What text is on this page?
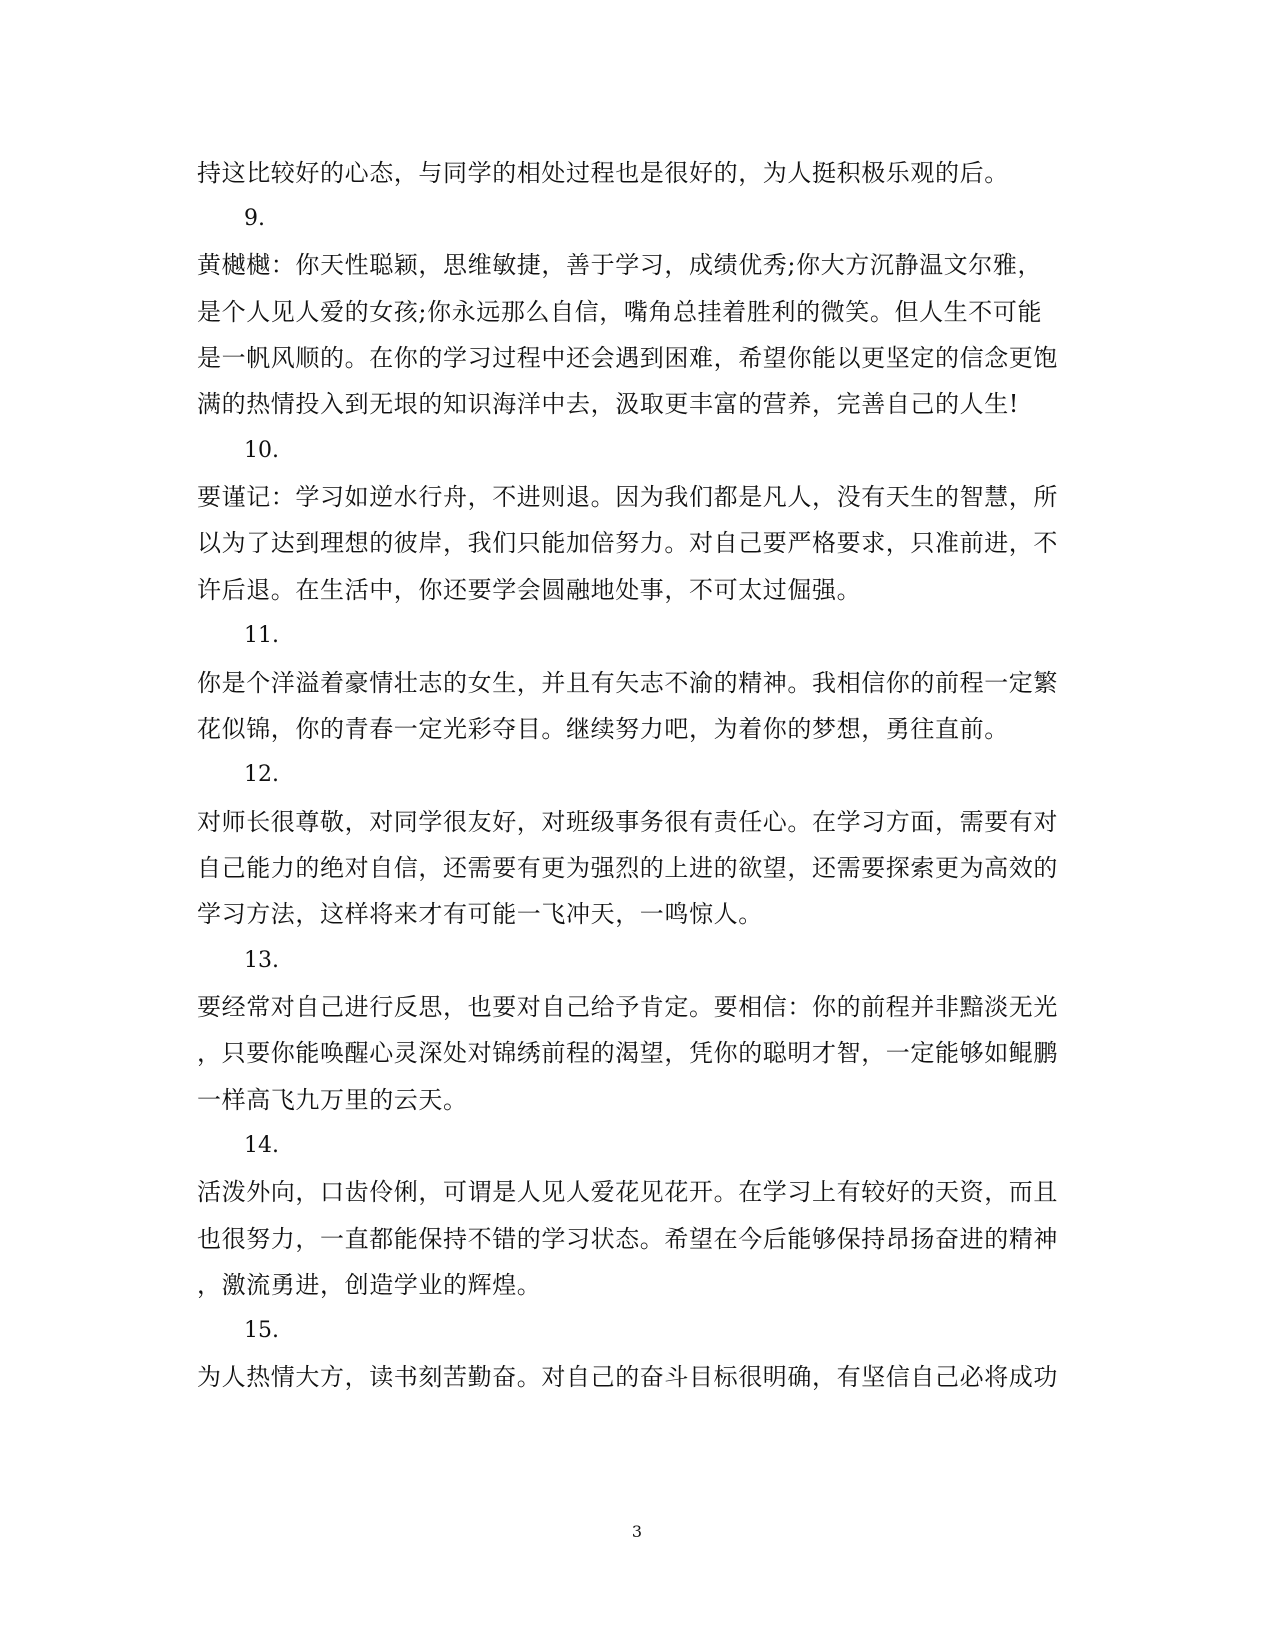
持这比较好的心态，与同学的相处过程也是很好的，为人挺积极乐观的后。
9.
黄樾樾：你天性聪颖，思维敏捷，善于学习，成绩优秀;你大方沉静温文尔雅，
是个人见人爱的女孩;你永远那么自信，嘴角总挂着胜利的微笑。但人生不可能
是一帆风顺的。在你的学习过程中还会遇到困难，希望你能以更坚定的信念更饱
满的热情投入到无垠的知识海洋中去，汲取更丰富的营养，完善自己的人生!
10.
要谨记：学习如逆水行舟，不进则退。因为我们都是凡人，没有天生的智慧，所
以为了达到理想的彼岸，我们只能加倍努力。对自己要严格要求，只准前进，不
许后退。在生活中，你还要学会圆融地处事，不可太过倔强。
11.
你是个洋溢着豪情壮志的女生，并且有矢志不渝的精神。我相信你的前程一定繁
花似锦，你的青春一定光彩夺目。继续努力吧，为着你的梦想，勇往直前。
12.
对师长很尊敬，对同学很友好，对班级事务很有责任心。在学习方面，需要有对
自己能力的绝对自信，还需要有更为强烈的上进的欲望，还需要探索更为高效的
学习方法，这样将来才有可能一飞冲天，一鸣惊人。
13.
要经常对自己进行反思，也要对自己给予肯定。要相信：你的前程并非黯淡无光
，只要你能唤醒心灵深处对锦绣前程的渴望，凭你的聪明才智，一定能够如鲲鹏
一样高飞九万里的云天。
14.
活泼外向，口齿伶俐，可谓是人见人爱花见花开。在学习上有较好的天资，而且
也很努力，一直都能保持不错的学习状态。希望在今后能够保持昂扬奋进的精神
，激流勇进，创造学业的辉煌。
15.
为人热情大方，读书刻苦勤奋。对自己的奋斗目标很明确，有坚信自己必将成功
3
